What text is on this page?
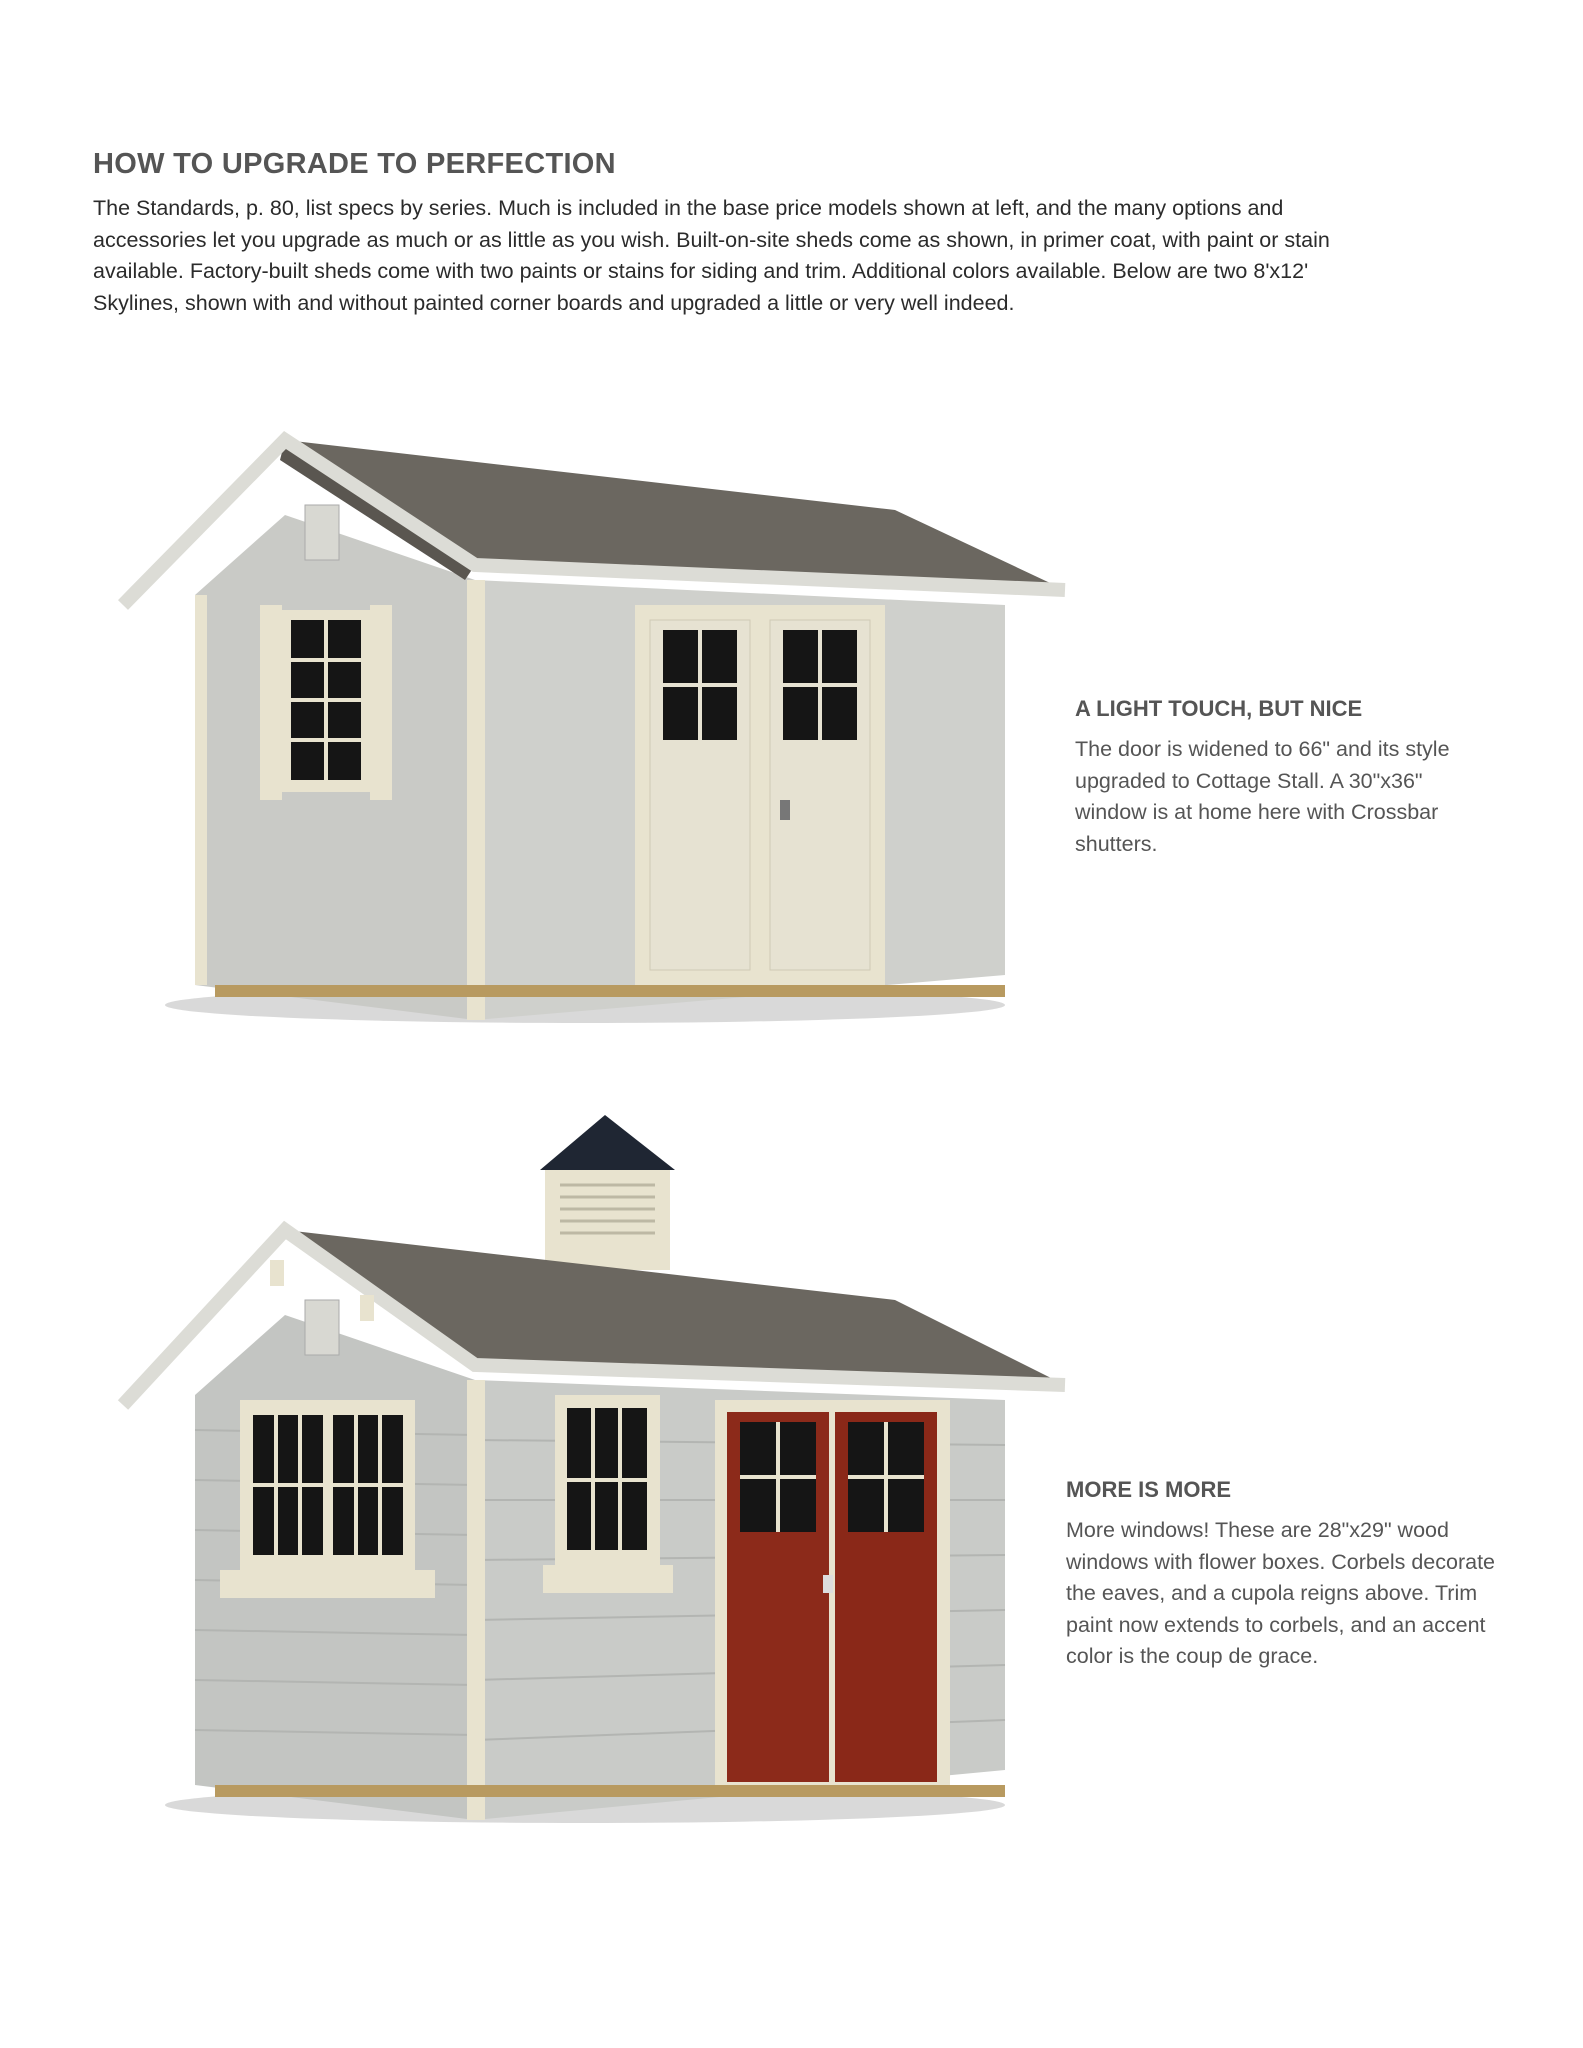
HOW TO UPGRADE TO PERFECTION

The Standards, p. 80, list specs by series. Much is included in the base price models shown at left, and the many options and accessories let you upgrade as much or as little as you wish. Built-on-site sheds come as shown, in primer coat, with paint or stain available. Factory-built sheds come with two paints or stains for siding and trim. Additional colors available. Below are two 8'x12' Skylines, shown with and without painted corner boards and upgraded a little or very well indeed.

A LIGHT TOUCH, BUT NICE

The door is widened to 66" and its style upgraded to Cottage Stall. A 30"x36" window is at home here with Crossbar shutters.

MORE IS MORE

More windows! These are 28"x29" wood windows with flower boxes. Corbels decorate the eaves, and a cupola reigns above. Trim paint now extends to corbels, and an accent color is the coup de grace.
